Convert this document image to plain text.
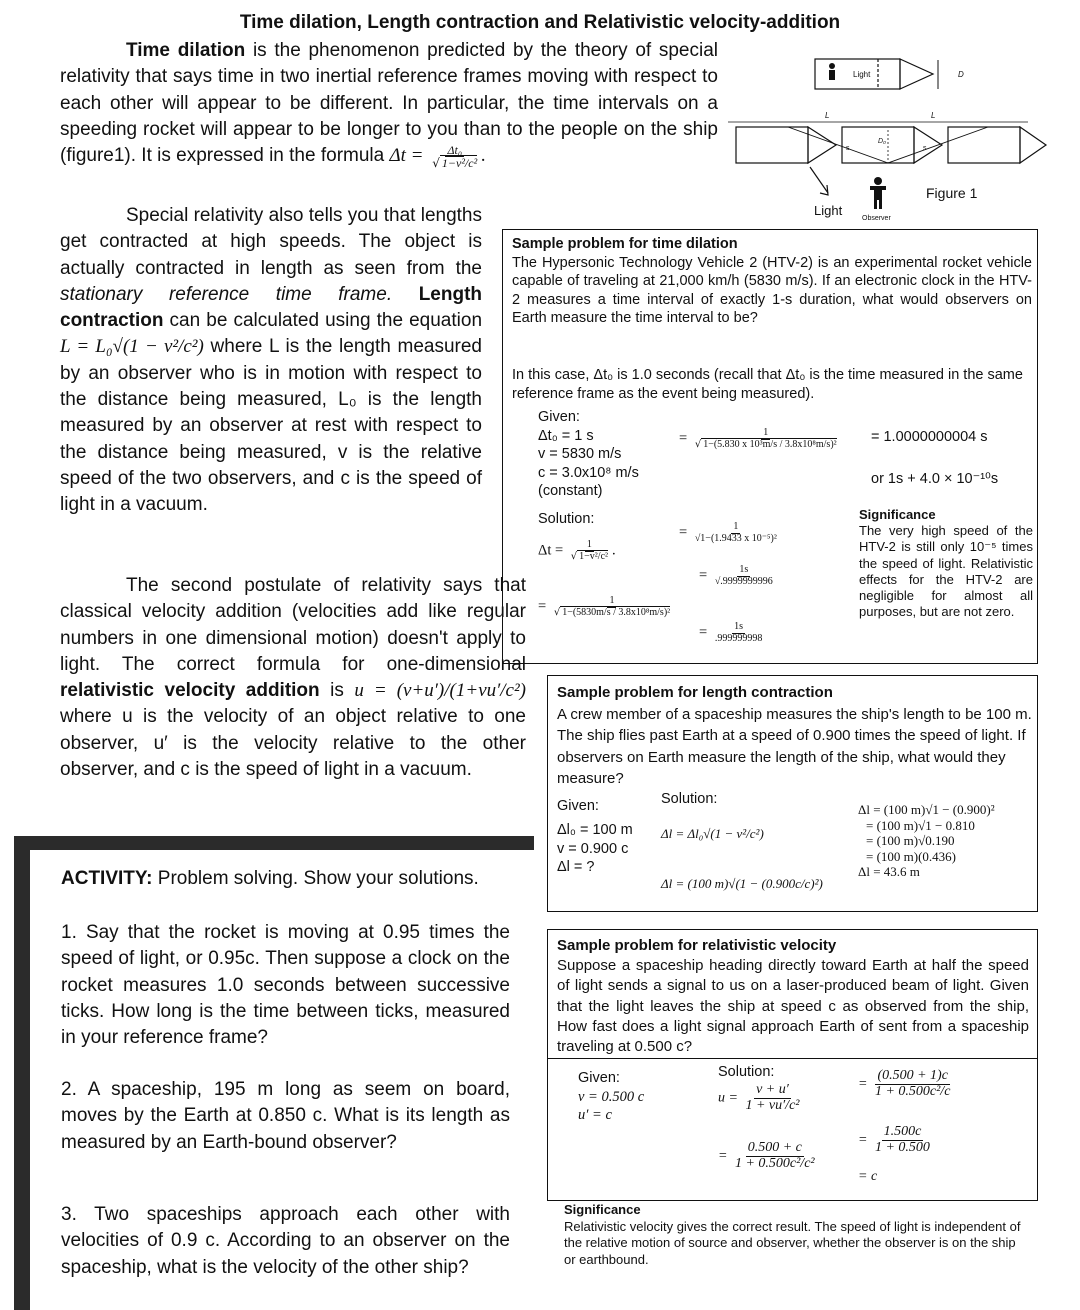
Time dilation, Length contraction and Relativistic velocity-addition
Time dilation is the phenomenon predicted by the theory of special relativity that says time in two inertial reference frames moving with respect to each other will appear to be different. In particular, the time intervals on a speeding rocket will appear to be longer to you than to the people on the ship (figure1). It is expressed in the formula $\Delta t = \frac{\text{Δt₀}}{\text{√ 1−v²/c²}}$ .
Light	D
L	L
s	s
D₀
Light
Observer
Figure 1
Special relativity also tells you that lengths get contracted at high speeds. The object is actually contracted in length as seen from the stationary reference time frame. Length contraction can be calculated using the equation L = L₀√(1 − v²/c²) where L is the length measured by an observer who is in motion with respect to the distance being measured, L₀ is the length measured by an observer at rest with respect to the distance being measured, v is the relative speed of the two observers, and c is the speed of light in a vacuum.
The second postulate of relativity says that classical velocity addition (velocities add like regular numbers in one dimensional motion) doesn't apply to light. The correct formula for one-dimensional relativistic velocity addition is u = (v+u′)/(1+vu′/c²) where u is the velocity of an object relative to one observer, u′ is the velocity relative to the other observer, and c is the speed of light in a vacuum.
Sample problem for time dilation
The Hypersonic Technology Vehicle 2 (HTV-2) is an experimental rocket vehicle capable of traveling at 21,000 km/h (5830 m/s). If an electronic clock in the HTV-2 measures a time interval of exactly 1-s duration, what would observers on Earth measure the time interval to be?
In this case, Δt₀ is 1.0 seconds (recall that Δt₀ is the time measured in the same reference frame as the event being measured).
Given:
Δt₀ = 1 s
v = 5830 m/s
c = 3.0x10⁸ m/s
(constant)
Solution:
$\Delta t = \frac{1}{\text{√ 1−v²/c²}}$ .
= $\frac{1}{\text{√ 1−(5830m/s / 3.8x10⁸m/s)²}}$
= $\frac{1}{\text{√ 1−(5.830 x 10³m/s / 3.8x10⁸m/s)²}}$
= $\frac{1}{\text{√1−(1.9433 x 10⁻⁵)²}}$
= $\frac{1s}{√.9999999996}$
= $\frac{1s}{.999999998}$
= 1.0000000004 s
or 1s + 4.0 × 10⁻¹⁰s
Significance
The very high speed of the HTV-2 is still only 10⁻⁵ times the speed of light. Relativistic effects for the HTV-2 are negligible for almost all purposes, but are not zero.
Sample problem for length contraction
A crew member of a spaceship measures the ship's length to be 100 m. The ship flies past Earth at a speed of 0.900 times the speed of light. If observers on Earth measure the length of the ship, what would they measure?
Given:	Solution:
Δl₀ = 100 m
v = 0.900 c
Δl = ?
Δl = Δl₀√(1 − v²/c²)
Δl = (100 m)√(1 − (0.900c/c)²)
Δl = (100 m)√1 − (0.900)²
= (100 m)√1 − 0.810
= (100 m)√0.190
= (100 m)(0.436)
Δl = 43.6 m
ACTIVITY: Problem solving. Show your solutions.
1. Say that the rocket is moving at 0.95 times the speed of light, or 0.95c. Then suppose a clock on the rocket measures 1.0 seconds between successive ticks. How long is the time between ticks, measured in your reference frame?
2. A spaceship, 195 m long as seem on board, moves by the Earth at 0.850 c. What is its length as measured by an Earth-bound observer?
3. Two spaceships approach each other with velocities of 0.9 c. According to an observer on the spaceship, what is the velocity of the other ship?
Sample problem for relativistic velocity
Suppose a spaceship heading directly toward Earth at half the speed of light sends a signal to us on a laser-produced beam of light. Given that the light leaves the ship at speed c as observed from the ship, How fast does a light signal approach Earth of sent from a spaceship traveling at 0.500 c?
Given:
v = 0.500 c
u′ = c
Solution:
$u = \frac{v + u'}{\text{1 + vu′/c²}}$
= $\frac{0.500 + c}{\text{1 + 0.500c²/c²}}$
= $\frac{(0.500 + 1)c}{\text{1 + 0.500c²/c}}$
= $\frac{1.500c}{1 + 0.500}$
= c
Significance
Relativistic velocity gives the correct result. The speed of light is independent of the relative motion of source and observer, whether the observer is on the ship or earthbound.
